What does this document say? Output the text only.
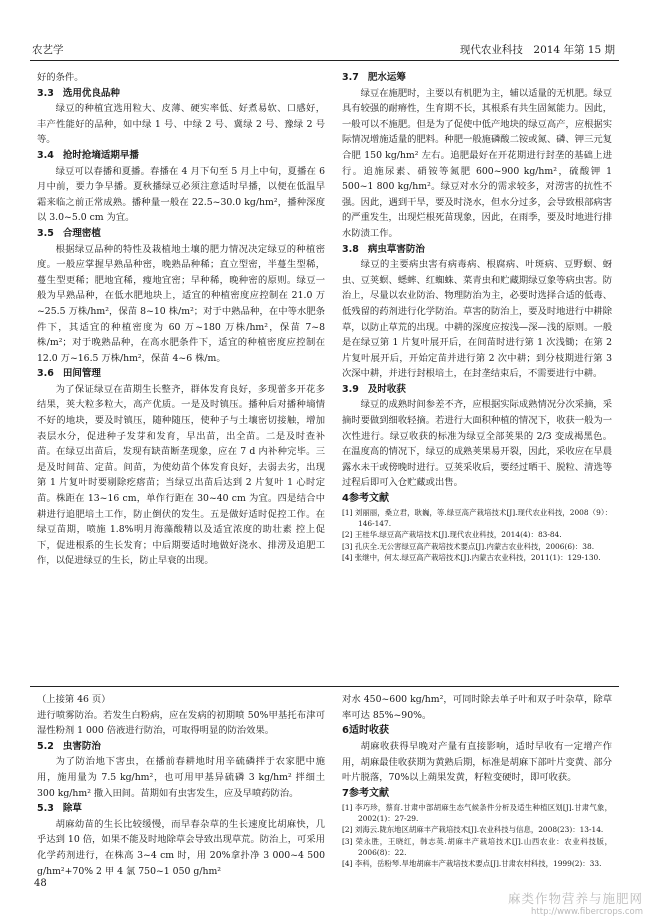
农艺学	现代农业科技　2014 年第 15 期

好的条件。

3.3 选用优良品种

绿豆的种植宜选用粒大、皮薄、硬实率低、好煮易软、口感好，丰产性能好的品种，如中绿 1 号、中绿 2 号、冀绿 2 号、豫绿 2 号等。

3.4 抢时抢墒适期早播

绿豆可以春播和夏播。春播在 4 月下旬至 5 月上中旬，夏播在 6 月中前，要力争早播。夏秋播绿豆必须注意适时早播，以便在低温早霜来临之前正常成熟。播种量一般在 22.5~30.0 kg/hm²，播种深度以 3.0~5.0 cm 为宜。

3.5 合理密植

根据绿豆品种的特性及栽植地土壤的肥力情况决定绿豆的种植密度。一般应掌握早熟品种密，晚熟品种稀；直立型密，半蔓生型稀，蔓生型更稀；肥地宜稀，瘦地宜密；早种稀，晚种密的原则。绿豆一般为早熟品种，在低水肥地块上，适宜的种植密度应控制在 21.0 万~25.5 万株/hm²，保苗 8~10 株/m²；对于中熟品种，在中等水肥条件下，其适宜的种植密度为 60 万~180 万株/hm²，保苗 7~8 株/m²；对于晚熟品种，在高水肥条件下，适宜的种植密度应控制在 12.0 万~16.5 万株/hm²，保苗 4~6 株/m。

3.6 田间管理

为了保证绿豆在苗期生长整齐，群体发育良好，多现蕾多开花多结果，荚大粒多粒大，高产优质。一是及时镇压。播种后对播种墒情不好的地块，要及时镇压，随种随压，使种子与土壤密切接触，增加表层水分，促进种子发芽和发育，早出苗，出全苗。二是及时查补苗。在绿豆出苗后，发现有缺苗断垄现象，应在 7 d 内补种完毕。三是及时间苗、定苗。间苗，为使幼苗个体发育良好，去弱去劣，出现第 1 片复叶时要剔除疙瘩苗；当绿豆出苗后达到 2 片复叶 1 心时定苗。株距在 13~16 cm，单作行距在 30~40 cm 为宜。四是结合中耕进行追肥培土工作，防止倒伏的发生。五是做好适时促控工作。在绿豆苗期，喷施 1.8%明月海藻酸精以及适宜浓度的助壮素 控上促下，促进根系的生长发育；中后期要适时地做好浇水、排涝及追肥工作，以促进绿豆的生长，防止早衰的出现。

3.7 肥水运筹

绿豆在施肥时，主要以有机肥为主，辅以适量的无机肥。绿豆具有较强的耐瘠性，生育期不长，其根系有共生固氮能力。因此，一般可以不施肥。但是为了促使中低产地块的绿豆高产，应根据实际情况增施适量的肥料。种肥一般施磷酸二铵或氮、磷、钾三元复合肥 150 kg/hm² 左右。追肥最好在开花期进行封垄的基础上进行。追施尿素、硝铵等氮肥 600~900 kg/hm²，硫酸钾 1 500~1 800 kg/hm²。绿豆对水分的需求较多，对涝害的抗性不强。因此，遇到干旱，要及时浇水，但水分过多，会导致根部病害的严重发生，出现烂根死苗现象，因此，在雨季，要及时地进行排水防渍工作。

3.8 病虫草害防治

绿豆的主要病虫害有病毒病、根腐病、叶斑病、豆野螟、蚜虫、豆荚螟、蟋蟀、红蜘蛛、菜青虫和贮藏期绿豆象等病虫害。防治上，尽量以农业防治、物理防治为主，必要时选择合适的低毒、低残留的药剂进行化学防治。草害的防治上，要及时地进行中耕除草，以防止草荒的出现。中耕的深度应按浅—深—浅的原则。一般是在绿豆第 1 片复叶展开后，在间苗时进行第 1 次浅锄；在第 2 片复叶展开后，开始定苗并进行第 2 次中耕；到分枝期进行第 3 次深中耕，并进行封根培土，在封垄结束后，不需要进行中耕。

3.9 及时收获

绿豆的成熟时间参差不齐，应根据实际成熟情况分次采摘，采摘时要做到细收轻摘。若进行大面积种植的情况下，收获一般为一次性进行。绿豆收获的标准为绿豆全部荚果的 2/3 变成褐黑色。在温度高的情况下，绿豆的成熟荚果易开裂，因此，采收应在早晨露水未干或傍晚时进行。豆荚采收后，要经过晒干、脱粒、清选等过程后即可入仓贮藏或出售。

4参考文献
[1] 刘丽丽，桑立君，耿巍，等.绿豆高产栽培技术[J].现代农业科技，2008（9）：146-147.
[2] 王桂华.绿豆高产栽培技术[J].现代农业科技，2014(4)：83-84.
[3] 孔庆全.无公害绿豆高产栽培技术要点[J].内蒙古农业科技，2006(6)：38.
[4] 张继中，何太.绿豆高产栽培技术[J].内蒙古农业科技，2011(1)：129-130.

（上接第 46 页）

进行喷雾防治。若发生白粉病，应在发病的初期喷 50%甲基托布津可湿性粉剂 1 000 倍液进行防治，可取得明显的防治效果。

5.2 虫害防治

为了防治地下害虫，在播前春耕地时用辛硫磷拌于农家肥中施用，施用量为 7.5 kg/hm²，也可用甲基异硫磷 3 kg/hm² 拌细土 300 kg/hm² 撒入田间。苗期如有虫害发生，应及早喷药防治。

5.3 除草

胡麻幼苗的生长比较缓慢，而早春杂草的生长速度比胡麻快，几乎达到 10 倍，如果不能及时地除草会导致出现草荒。防治上，可采用化学药剂进行，在株高 3~4 cm 时，用 20%拿扑净 3 000~4 500 g/hm²+70% 2 甲 4 氯 750~1 050 g/hm²

对水 450~600 kg/hm²，可同时除去单子叶和双子叶杂草，除草率可达 85%~90%。

6适时收获

胡麻收获得早晚对产量有直接影响，适时早收有一定增产作用，胡麻最佳收获期为黄熟后期，标准是胡麻下部叶片变黄、部分叶片脱落，70%以上蒴果发黄，籽粒变硬时，即可收获。

7参考文献
[1] 李巧珍，蔡育.甘肃中部胡麻生态气候条件分析及适生种植区划[J].甘肃气象，2002(1)：27-29.
[2] 刘海云.陇东地区胡麻丰产栽培技术[J].农业科技与信息，2008(23)：13-14.
[3] 荣永胜，王晓红，韩志英.胡麻丰产栽培技术[J].山西农业：农业科技版，2006(8)：22.
[4] 李科，岳粉琴.旱地胡麻丰产栽培技术要点[J].甘肃农村科技，1999(2)：33.
48
麻类作物营养与施肥网
http://www.fibercrops.com
